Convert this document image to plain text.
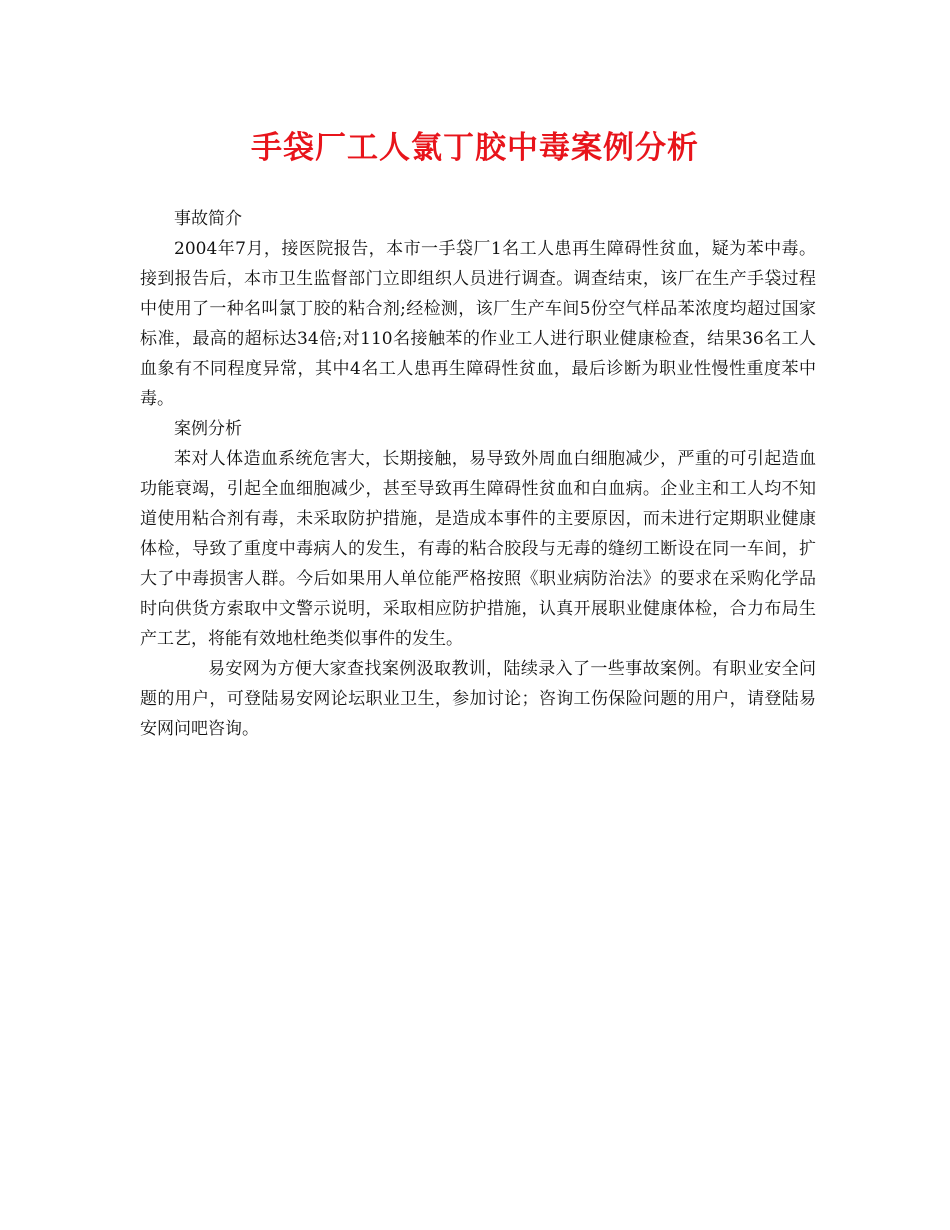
手袋厂工人氯丁胶中毒案例分析

事故简介

2004年7月，接医院报告，本市一手袋厂1名工人患再生障碍性贫血，疑为苯中毒。接到报告后，本市卫生监督部门立即组织人员进行调查。调查结束，该厂在生产手袋过程中使用了一种名叫氯丁胶的粘合剂;经检测，该厂生产车间5份空气样品苯浓度均超过国家标准，最高的超标达34倍;对110名接触苯的作业工人进行职业健康检查，结果36名工人血象有不同程度异常，其中4名工人患再生障碍性贫血，最后诊断为职业性慢性重度苯中毒。

案例分析

苯对人体造血系统危害大，长期接触，易导致外周血白细胞减少，严重的可引起造血功能衰竭，引起全血细胞减少，甚至导致再生障碍性贫血和白血病。企业主和工人均不知道使用粘合剂有毒，未采取防护措施，是造成本事件的主要原因，而未进行定期职业健康体检，导致了重度中毒病人的发生，有毒的粘合胶段与无毒的缝纫工断设在同一车间，扩大了中毒损害人群。今后如果用人单位能严格按照《职业病防治法》的要求在采购化学品时向供货方索取中文警示说明，采取相应防护措施，认真开展职业健康体检，合力布局生产工艺，将能有效地杜绝类似事件的发生。

易安网为方便大家查找案例汲取教训，陆续录入了一些事故案例。有职业安全问题的用户，可登陆易安网论坛职业卫生，参加讨论；咨询工伤保险问题的用户，请登陆易安网问吧咨询。
